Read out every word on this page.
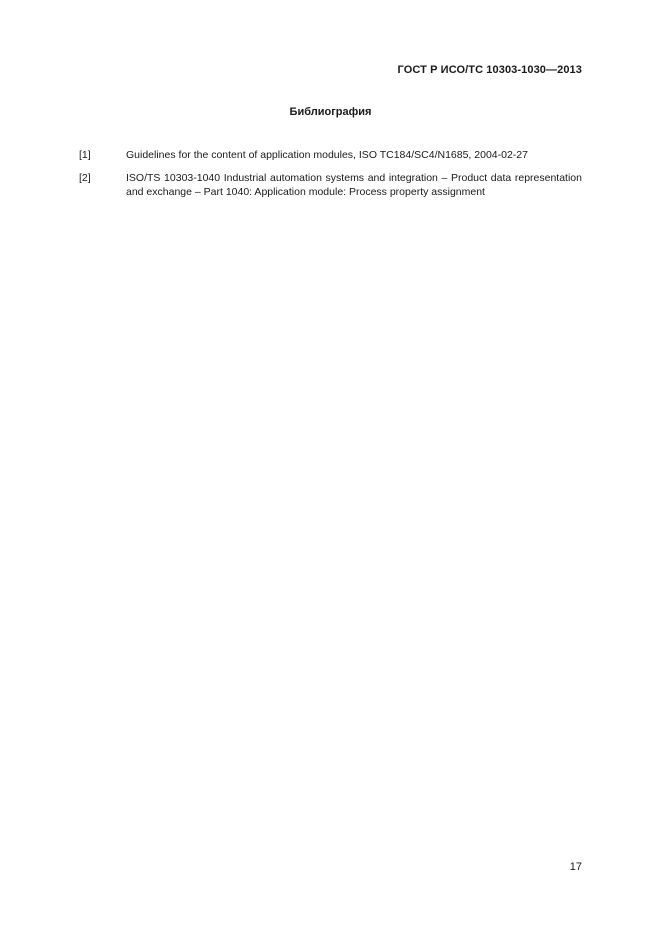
ГОСТ Р ИСО/ТС 10303-1030—2013
Библиография
[1]	Guidelines for the content of application modules, ISO TC184/SC4/N1685, 2004-02-27
[2]	ISO/TS 10303-1040 Industrial automation systems and integration – Product data representation and exchange – Part 1040: Application module: Process property assignment
17
